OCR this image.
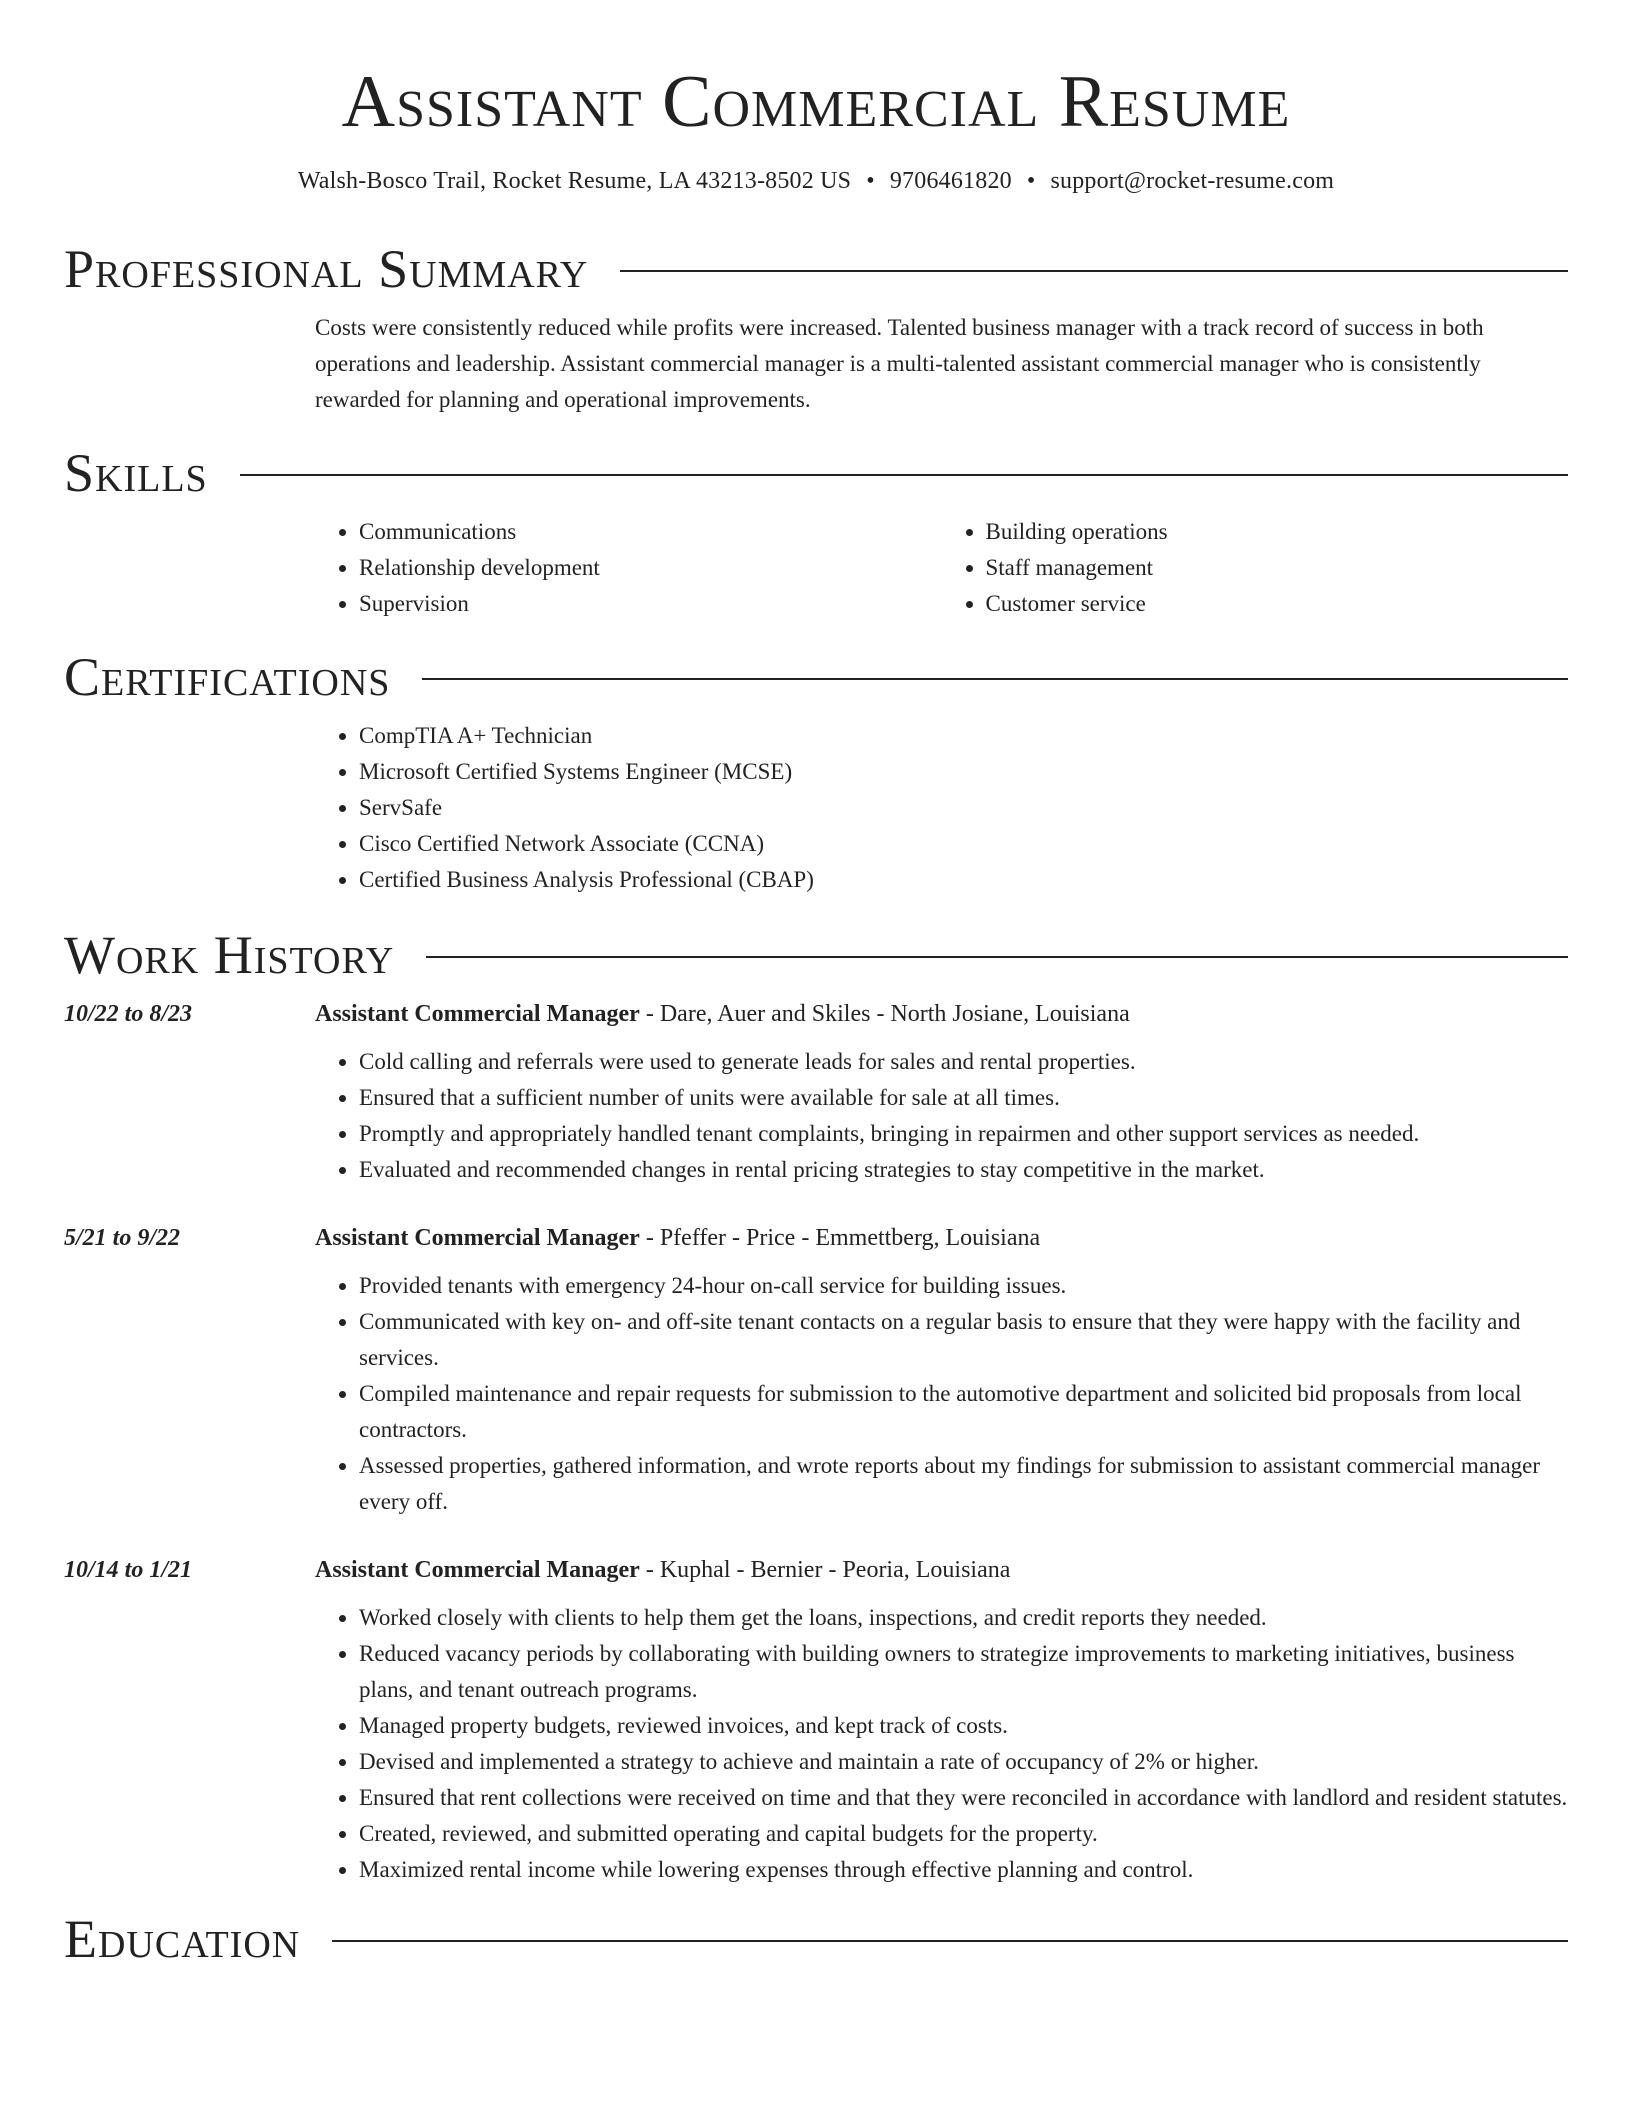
Assistant Commercial Resume
Walsh-Bosco Trail, Rocket Resume, LA 43213-8502 US • 9706461820 • support@rocket-resume.com
Professional Summary

Costs were consistently reduced while profits were increased. Talented business manager with a track record of success in both operations and leadership. Assistant commercial manager is a multi-talented assistant commercial manager who is consistently rewarded for planning and operational improvements.

Skills
• Communications
• Relationship development
• Supervision
• Building operations
• Staff management
• Customer service
Certifications
• CompTIA A+ Technician
• Microsoft Certified Systems Engineer (MCSE)
• ServSafe
• Cisco Certified Network Associate (CCNA)
• Certified Business Analysis Professional (CBAP)
Work History
10/22 to 8/23	Assistant Commercial Manager - Dare, Auer and Skiles - North Josiane, Louisiana
• Cold calling and referrals were used to generate leads for sales and rental properties.
• Ensured that a sufficient number of units were available for sale at all times.
• Promptly and appropriately handled tenant complaints, bringing in repairmen and other support services as needed.
• Evaluated and recommended changes in rental pricing strategies to stay competitive in the market.
5/21 to 9/22	Assistant Commercial Manager - Pfeffer - Price - Emmettberg, Louisiana
• Provided tenants with emergency 24-hour on-call service for building issues.
• Communicated with key on- and off-site tenant contacts on a regular basis to ensure that they were happy with the facility and services.
• Compiled maintenance and repair requests for submission to the automotive department and solicited bid proposals from local contractors.
• Assessed properties, gathered information, and wrote reports about my findings for submission to assistant commercial manager every off.
10/14 to 1/21	Assistant Commercial Manager - Kuphal - Bernier - Peoria, Louisiana
• Worked closely with clients to help them get the loans, inspections, and credit reports they needed.
• Reduced vacancy periods by collaborating with building owners to strategize improvements to marketing initiatives, business plans, and tenant outreach programs.
• Managed property budgets, reviewed invoices, and kept track of costs.
• Devised and implemented a strategy to achieve and maintain a rate of occupancy of 2% or higher.
• Ensured that rent collections were received on time and that they were reconciled in accordance with landlord and resident statutes.
• Created, reviewed, and submitted operating and capital budgets for the property.
• Maximized rental income while lowering expenses through effective planning and control.
Education
